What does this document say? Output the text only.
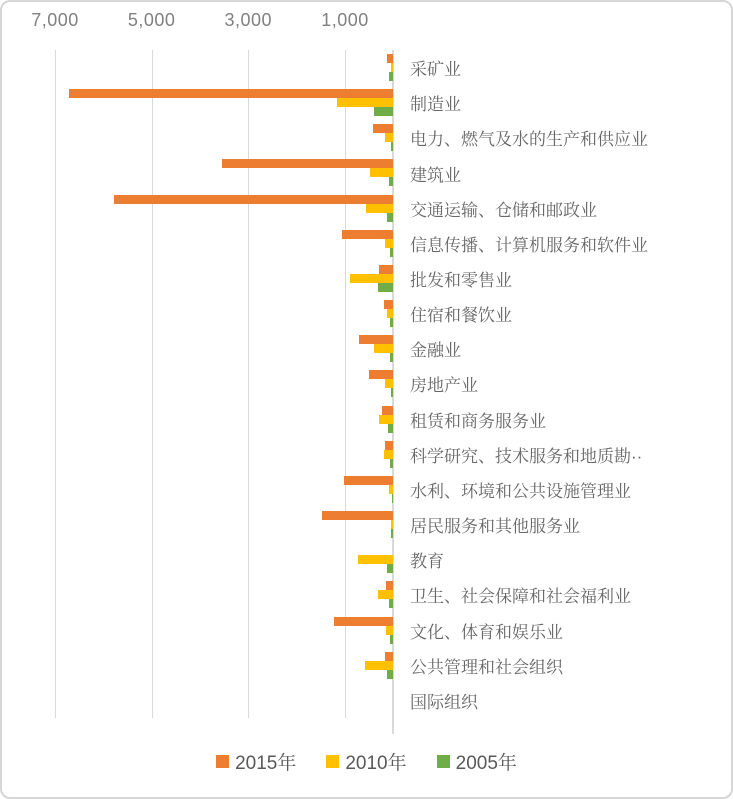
7,000	5,000	3,000	1,000
采矿业
制造业
电力、燃气及水的生产和供应业
建筑业
交通运输、仓储和邮政业
信息传播、计算机服务和软件业
批发和零售业
住宿和餐饮业
金融业
房地产业
租赁和商务服务业
科学研究、技术服务和地质勘··
水利、环境和公共设施管理业
居民服务和其他服务业
教育
卫生、社会保障和社会福利业
文化、体育和娱乐业
公共管理和社会组织
国际组织
2015年	2010年	2005年
